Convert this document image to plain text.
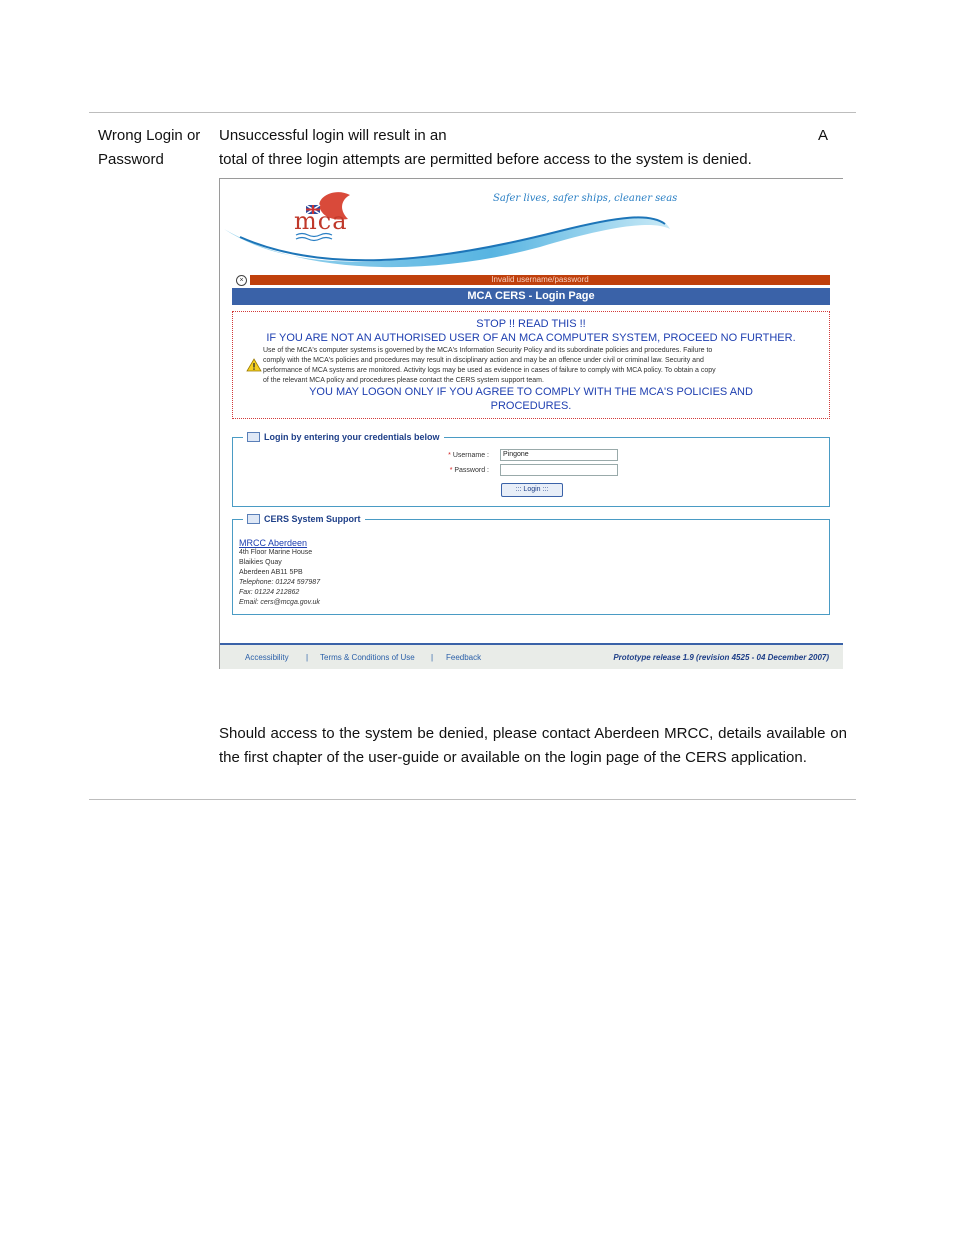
Wrong Login or Password
Unsuccessful login will result in an	A
total of three login attempts are permitted before access to the system is denied.
Safer lives, safer ships, cleaner seas
mca
×	Invalid username/password
MCA CERS - Login Page
STOP !! READ THIS !!
IF YOU ARE NOT AN AUTHORISED USER OF AN MCA COMPUTER SYSTEM, PROCEED NO FURTHER.
Use of the MCA's computer systems is governed by the MCA's Information Security Policy and its subordinate policies and procedures. Failure to
comply with the MCA's policies and procedures may result in disciplinary action and may be an offence under civil or criminal law. Security and
performance of MCA systems are monitored. Activity logs may be used as evidence in cases of failure to comply with MCA policy. To obtain a copy
of the relevant MCA policy and procedures please contact the CERS system support team.
YOU MAY LOGON ONLY IF YOU AGREE TO COMPLY WITH THE MCA'S POLICIES AND
PROCEDURES.
Login by entering your credentials below
* Username :	Pingone
* Password :
::: Login :::
CERS System Support
MRCC Aberdeen
4th Floor Marine House
Blaikies Quay
Aberdeen AB11 5PB
Telephone: 01224 597987
Fax: 01224 212862
Email: cers@mcga.gov.uk
Accessibility | Terms & Conditions of Use | Feedback	Prototype release 1.9 (revision 4525 - 04 December 2007)
Should access to the system be denied, please contact Aberdeen MRCC, details available on the first chapter of the user-guide or available on the login page of the CERS application.
